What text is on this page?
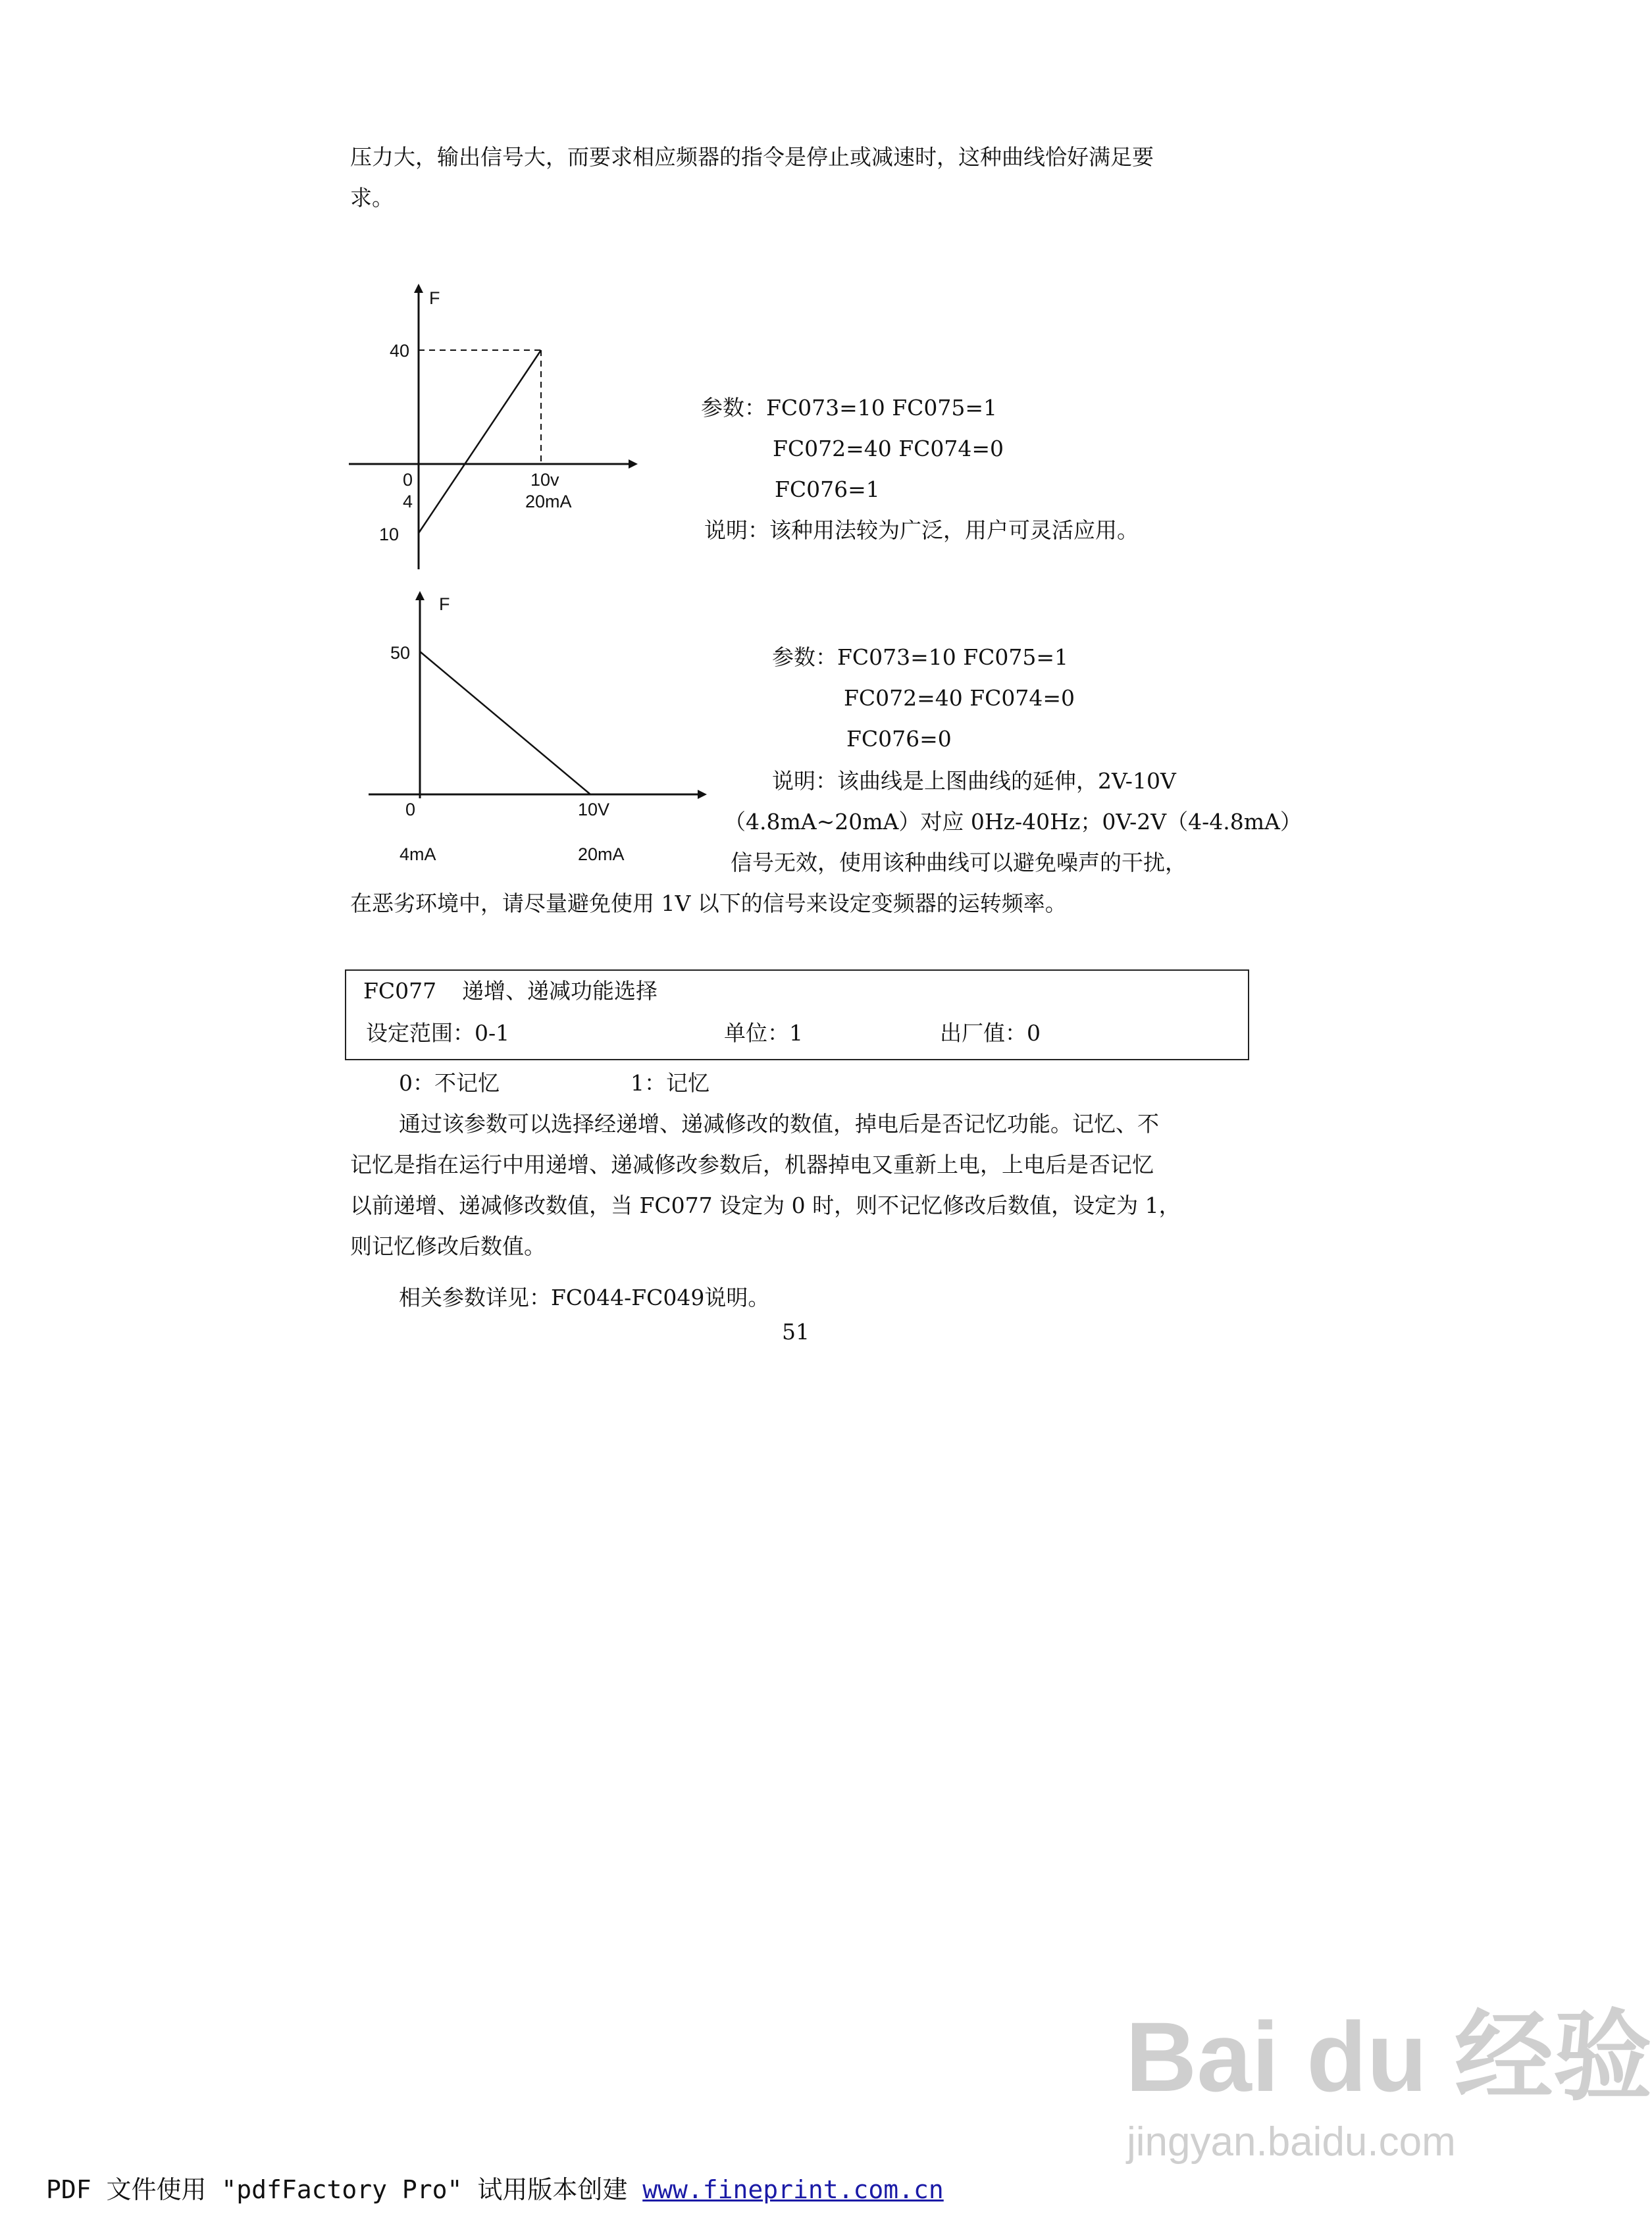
压力大，输出信号大，而要求相应频器的指令是停止或减速时，这种曲线恰好满足要
求。
F
40
0
4
10
10v
20mA
参数：FC073=10 FC075=1
FC072=40 FC074=0
FC076=1
说明：该种用法较为广泛，用户可灵活应用。
F
50
0	10V
4mA	20mA
参数：FC073=10 FC075=1
FC072=40 FC074=0
FC076=0
说明：该曲线是上图曲线的延伸，2V-10V
（4.8mA~20mA）对应 0Hz-40Hz；0V-2V（4-4.8mA）
信号无效，使用该种曲线可以避免噪声的干扰，
在恶劣环境中，请尽量避免使用 1V 以下的信号来设定变频器的运转频率。
FC077 递增、递减功能选择
设定范围：0-1	单位：1	出厂值：0
0：不记忆	1：记忆
通过该参数可以选择经递增、递减修改的数值，掉电后是否记忆功能。记忆、不
记忆是指在运行中用递增、递减修改参数后，机器掉电又重新上电，上电后是否记忆
以前递增、递减修改数值，当 FC077 设定为 0 时，则不记忆修改后数值，设定为 1，
则记忆修改后数值。
相关参数详见：FC044-FC049说明。
51
Bai du 经验
jingyan.baidu.com
PDF 文件使用 "pdfFactory Pro" 试用版本创建 www.fineprint.com.cn
